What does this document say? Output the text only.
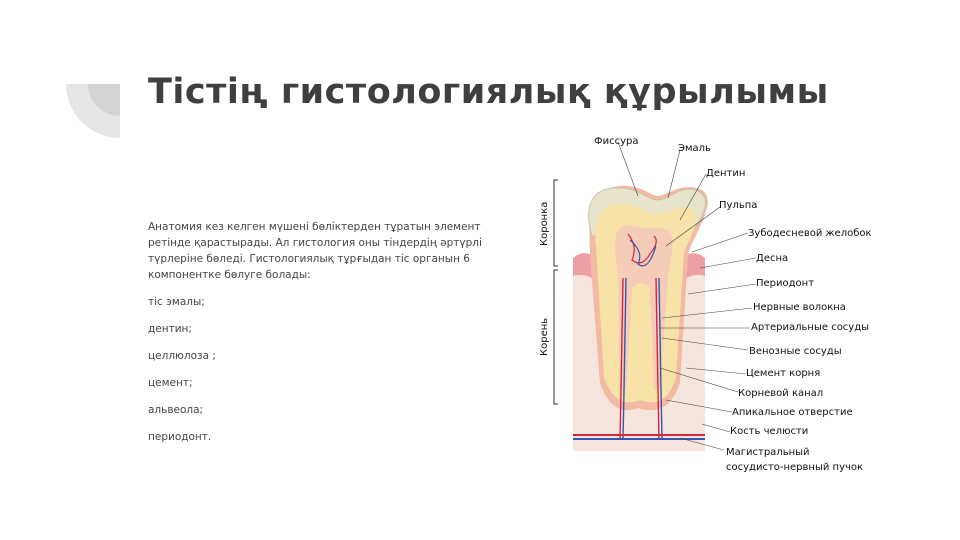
Тістің гистологиялық құрылымы

Анатомия кез келген мүшені бөліктерден тұратын элемент ретінде қарастырады. Ал гистология оны тіндердің әртүрлі түрлеріне бөледі. Гистологиялық тұрғыдан тіс органын 6 компонентке бөлуге болады:

тіс эмалы;

дентин;

целлюлоза ;

цемент;

альвеола;

периодонт.

Коронка
Корень
Фиссура
Эмаль
Дентин
Пульпа
Зубодесневой желобок
Десна
Периодонт
Нервные волокна
Артериальные сосуды
Венозные сосуды
Цемент корня
Корневой канал
Апикальное отверстие
Кость челюсти
Магистральный
сосудисто-нервный пучок
